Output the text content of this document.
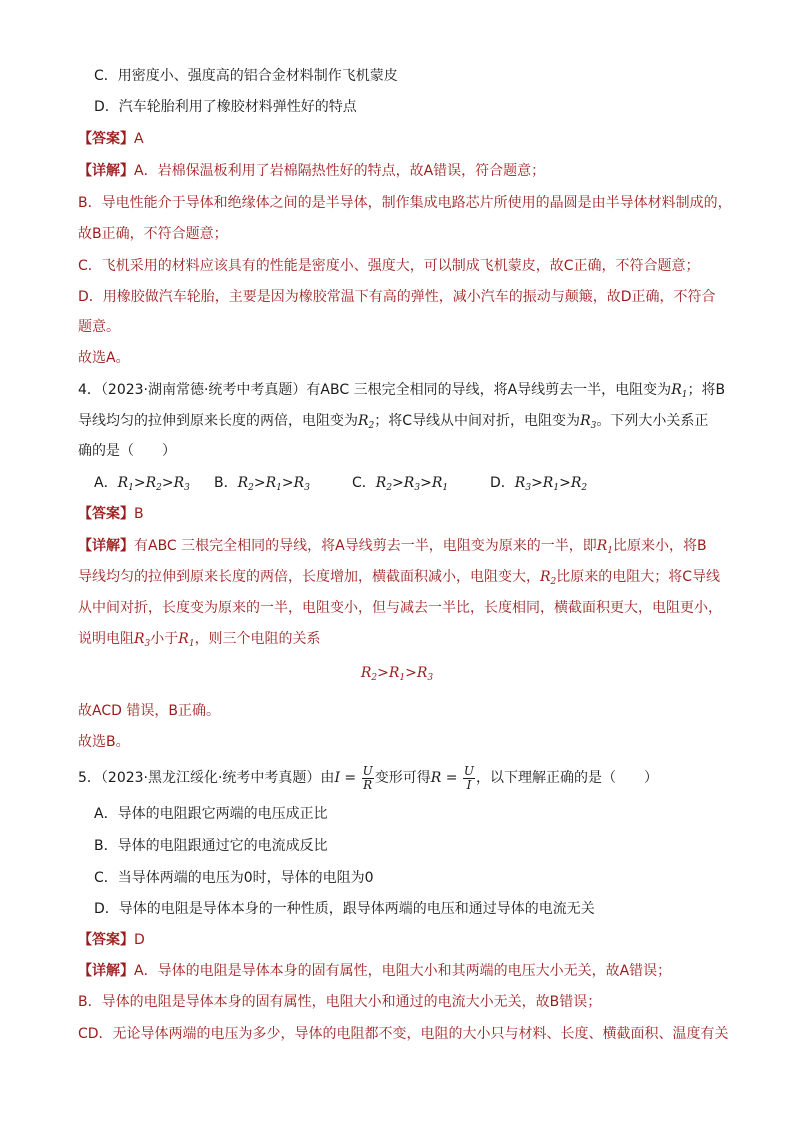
C．用密度小、强度高的铝合金材料制作飞机蒙皮
D．汽车轮胎利用了橡胶材料弹性好的特点
【答案】A
【详解】A．岩棉保温板利用了岩棉隔热性好的特点，故A错误，符合题意；
B．导电性能介于导体和绝缘体之间的是半导体，制作集成电路芯片所使用的晶圆是由半导体材料制成的，
故B正确，不符合题意；
C．飞机采用的材料应该具有的性能是密度小、强度大，可以制成飞机蒙皮，故C正确，不符合题意；
D．用橡胶做汽车轮胎，主要是因为橡胶常温下有高的弹性，减小汽车的振动与颠簸，故D正确，不符合
题意。
故选A。
4．（2023·湖南常德·统考中考真题）有ABC 三根完全相同的导线，将A导线剪去一半，电阻变为$R_1$；将B
导线均匀的拉伸到原来长度的两倍，电阻变为$R_2$；将C导线从中间对折，电阻变为$R_3$。下列大小关系正
确的是（　　）
A．$R_1>R_2>R_3$ B．$R_2>R_1>R_3$	C．$R_2>R_3>R_1$	D．$R_3>R_1>R_2$
【答案】B
【详解】有ABC 三根完全相同的导线，将A导线剪去一半，电阻变为原来的一半，即$R_1$比原来小，将B
导线均匀的拉伸到原来长度的两倍，长度增加，横截面积减小，电阻变大，$R_2$比原来的电阻大；将C导线
从中间对折，长度变为原来的一半，电阻变小，但与减去一半比，长度相同，横截面积更大，电阻更小，
说明电阻$R_3$小于$R_1$，则三个电阻的关系
$R_2>R_1>R_3$
故ACD 错误，B正确。
故选B。
5．（2023·黑龙江绥化·统考中考真题）由$I = \frac{U}{R}$ 变形可得$R = \frac{U}{I}$ ，以下理解正确的是（　　）
A．导体的电阻跟它两端的电压成正比
B．导体的电阻跟通过它的电流成反比
C．当导体两端的电压为0时，导体的电阻为0
D．导体的电阻是导体本身的一种性质，跟导体两端的电压和通过导体的电流无关
【答案】D
【详解】A．导体的电阻是导体本身的固有属性，电阻大小和其两端的电压大小无关，故A错误；
B．导体的电阻是导体本身的固有属性，电阻大小和通过的电流大小无关，故B错误；
CD．无论导体两端的电压为多少，导体的电阻都不变，电阻的大小只与材料、长度、横截面积、温度有关
